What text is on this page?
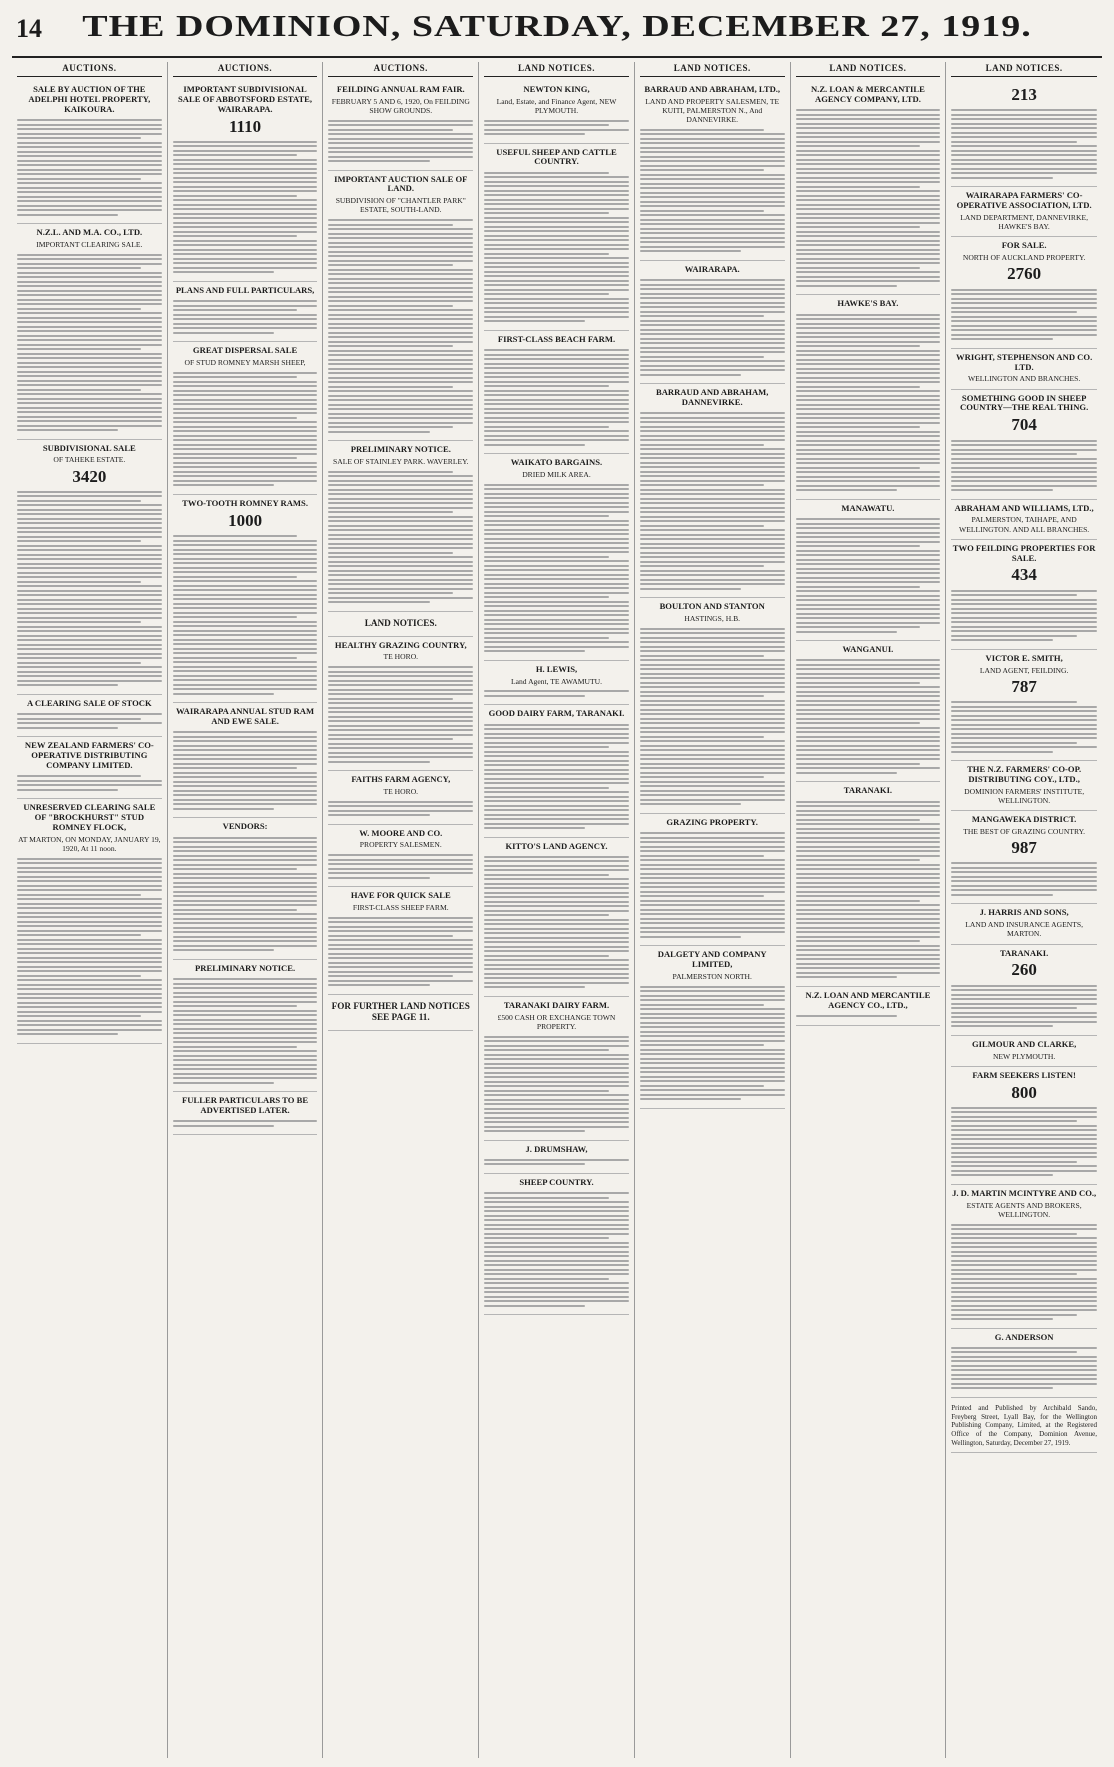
14	THE DOMINION, SATURDAY, DECEMBER 27, 1919.
AUCTIONS.
SALE BY AUCTION OF THE ADELPHI HOTEL PROPERTY, KAIKOURA.
N.Z.L. AND M.A. CO., LTD.
IMPORTANT CLEARING SALE.
SUBDIVISIONAL SALE
OF TAHEKE ESTATE.
3420
A CLEARING SALE OF STOCK
NEW ZEALAND FARMERS' CO-OPERATIVE DISTRIBUTING COMPANY LIMITED.
UNRESERVED CLEARING SALE OF "BROCKHURST" STUD ROMNEY FLOCK,
AT MARTON, ON MONDAY, JANUARY 19, 1920, At 11 noon.
AUCTIONS.
IMPORTANT SUBDIVISIONAL SALE OF ABBOTSFORD ESTATE, WAIRARAPA.
1110
PLANS AND FULL PARTICULARS,
GREAT DISPERSAL SALE
OF STUD ROMNEY MARSH SHEEP,
TWO-TOOTH ROMNEY RAMS.
1000
WAIRARAPA ANNUAL STUD RAM AND EWE SALE.
VENDORS:
PRELIMINARY NOTICE.
FULLER PARTICULARS TO BE ADVERTISED LATER.
AUCTIONS.
FEILDING ANNUAL RAM FAIR.
FEBRUARY 5 AND 6, 1920, On FEILDING SHOW GROUNDS.
IMPORTANT AUCTION SALE OF LAND.
SUBDIVISION OF "CHANTLER PARK" ESTATE, SOUTH-LAND.
PRELIMINARY NOTICE.
SALE OF STAINLEY PARK. WAVERLEY.
LAND NOTICES.
HEALTHY GRAZING COUNTRY,
TE HORO.
FAITHS FARM AGENCY,
TE HORO.
W. MOORE AND CO.
PROPERTY SALESMEN.
HAVE FOR QUICK SALE
FIRST-CLASS SHEEP FARM.
FOR FURTHER LAND NOTICES SEE PAGE 11.
LAND NOTICES.
NEWTON KING,
Land, Estate, and Finance Agent, NEW PLYMOUTH.
USEFUL SHEEP AND CATTLE COUNTRY.
FIRST-CLASS BEACH FARM.
WAIKATO BARGAINS.
DRIED MILK AREA.
H. LEWIS,
Land Agent, TE AWAMUTU.
GOOD DAIRY FARM, TARANAKI.
KITTO'S LAND AGENCY.
TARANAKI DAIRY FARM.
£500 CASH OR EXCHANGE TOWN PROPERTY.
J. DRUMSHAW,
SHEEP COUNTRY.
LAND NOTICES.
BARRAUD AND ABRAHAM, LTD.,
LAND AND PROPERTY SALESMEN, TE KUITI, PALMERSTON N., And DANNEVIRKE.
WAIRARAPA.
BARRAUD AND ABRAHAM, DANNEVIRKE.
BOULTON AND STANTON
HASTINGS, H.B.
GRAZING PROPERTY.
DALGETY AND COMPANY LIMITED,
PALMERSTON NORTH.
LAND NOTICES.
N.Z. LOAN & MERCANTILE AGENCY COMPANY, LTD.
HAWKE'S BAY.
MANAWATU.
WANGANUI.
TARANAKI.
N.Z. LOAN AND MERCANTILE AGENCY CO., LTD.,
LAND NOTICES.
213
WAIRARAPA FARMERS' CO-OPERATIVE ASSOCIATION, LTD.
LAND DEPARTMENT, DANNEVIRKE, HAWKE'S BAY.
FOR SALE.
NORTH OF AUCKLAND PROPERTY.
2760
WRIGHT, STEPHENSON AND CO. LTD.
WELLINGTON AND BRANCHES.
SOMETHING GOOD IN SHEEP COUNTRY—THE REAL THING.
704
ABRAHAM AND WILLIAMS, LTD.,
PALMERSTON, TAIHAPE, AND WELLINGTON. AND ALL BRANCHES.
TWO FEILDING PROPERTIES FOR SALE.
434
VICTOR E. SMITH,
LAND AGENT, FEILDING.
787
THE N.Z. FARMERS' CO-OP. DISTRIBUTING COY., LTD.,
DOMINION FARMERS' INSTITUTE, WELLINGTON.
MANGAWEKA DISTRICT.
THE BEST OF GRAZING COUNTRY.
987
J. HARRIS AND SONS,
LAND AND INSURANCE AGENTS, MARTON.
TARANAKI.
260
GILMOUR AND CLARKE,
NEW PLYMOUTH.
FARM SEEKERS LISTEN!
800
J. D. MARTIN MCINTYRE AND CO.,
ESTATE AGENTS AND BROKERS, WELLINGTON.
G. ANDERSON
Printed and Published by Archibald Sando, Freyberg Street, Lyall Bay, for the Wellington Publishing Company, Limited, at the Registered Office of the Company, Dominion Avenue, Wellington, Saturday, December 27, 1919.
